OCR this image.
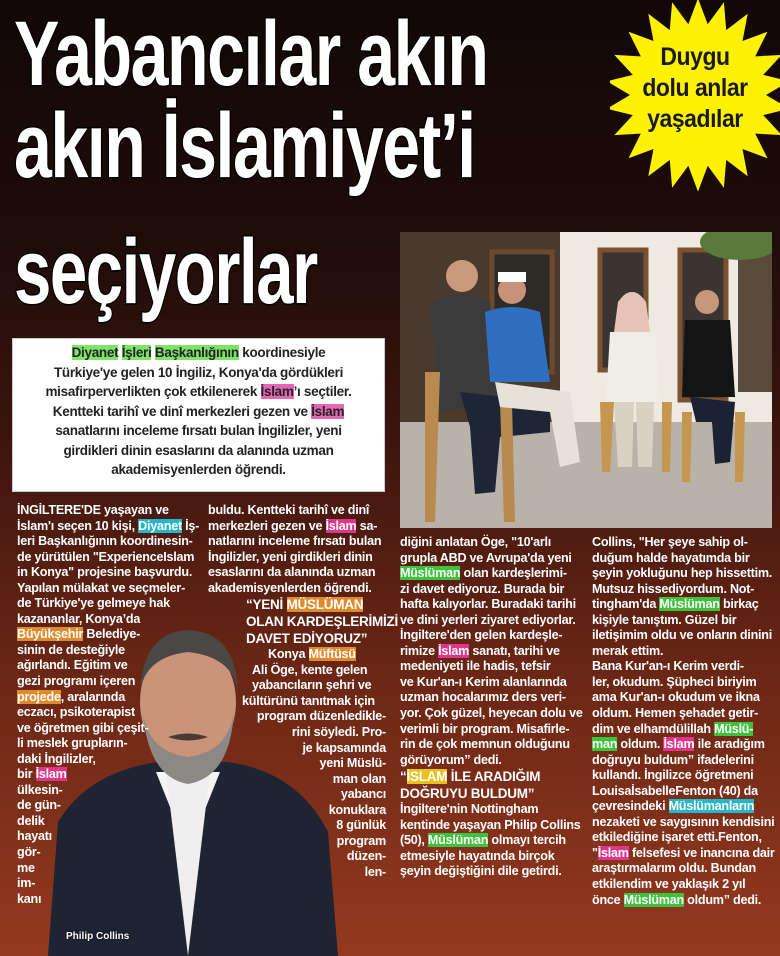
Yabancılar akın
akın İslamiyet’i
seçiyorlar
Duygu
dolu anlar
yaşadılar
Diyanet İşleri Başkanlığının koordinesiyle
Türkiye'ye gelen 10 İngiliz, Konya'da gördükleri
misafirperverlikten çok etkilenerek İslam’ı seçtiler.
Kentteki tarihî ve dinî merkezleri gezen ve İslam
sanatlarını inceleme fırsatı bulan İngilizler, yeni
girdikleri dinin esaslarını da alanında uzman
akademisyenlerden öğrendi.
Philip Collins
İNGİLTERE'DE yaşayan ve
İslam'ı seçen 10 kişi, Diyanet İş-
leri Başkanlığının koordinesin-
de yürütülen "ExperienceIslam
in Konya" projesine başvurdu.
Yapılan mülakat ve seçmeler-
de Türkiye'ye gelmeye hak
kazananlar, Konya’da
Büyükşehir Belediye-
sinin de desteğiyle
ağırlandı. Eğitim ve
gezi programı içeren
projede, aralarında
eczacı, psikoterapist
ve öğretmen gibi çeşit-
li meslek grupların-
daki İngilizler,
bir İslam
ülkesin-
de gün-
delik
hayatı
gör-
me
im-
kanı
buldu. Kentteki tarihî ve dinî
merkezleri gezen ve İslam sa-
natlarını inceleme fırsatı bulan
İngilizler, yeni girdikleri dinin
esaslarını da alanında uzman
akademisyenlerden öğrendi.
“YENİ MÜSLÜMAN
OLAN KARDEŞLERİMİZİ
DAVET EDİYORUZ”
Konya Müftüsü
Ali Öge, kente gelen
yabancıların şehri ve
kültürünü tanıtmak için
program düzenledikle-
rini söyledi. Pro-
je kapsamında
yeni Müslü-
man olan
yabancı
konuklara
8 günlük
program
düzen-
len-
diğini anlatan Öge, "10'arlı
grupla ABD ve Avrupa'da yeni
Müslüman olan kardeşlerimi-
zi davet ediyoruz. Burada bir
hafta kalıyorlar. Buradaki tarihi
ve dini yerleri ziyaret ediyorlar.
İngiltere'den gelen kardeşle-
rimize İslam sanatı, tarihi ve
medeniyeti ile hadis, tefsir
ve Kur'an-ı Kerim alanlarında
uzman hocalarımız ders veri-
yor. Çok güzel, heyecan dolu ve
verimli bir program. Misafirle-
rin de çok memnun olduğunu
görüyorum” dedi.
“İSLAM İLE ARADIĞIM
DOĞRUYU BULDUM”
İngiltere'nin Nottingham
kentinde yaşayan Philip Collins
(50), Müslüman olmayı tercih
etmesiyle hayatında birçok
şeyin değiştiğini dile getirdi.
Collins, "Her şeye sahip ol-
duğum halde hayatımda bir
şeyin yokluğunu hep hissettim.
Mutsuz hissediyordum. Not-
tingham'da Müslüman birkaç
kişiyle tanıştım. Güzel bir
iletişimim oldu ve onların dinini
merak ettim.
Bana Kur'an-ı Kerim verdi-
ler, okudum. Şüpheci biriyim
ama Kur'an-ı okudum ve ikna
oldum. Hemen şehadet getir-
dim ve elhamdülillah Müslü-
man oldum. İslam ile aradığım
doğruyu buldum” ifadelerini
kullandı. İngilizce öğretmeni
LouisaİsabelleFenton (40) da
çevresindeki Müslümanların
nezaketi ve saygısının kendisini
etkilediğine işaret etti.Fenton,
"İslam felsefesi ve inancına dair
araştırmalarım oldu. Bundan
etkilendim ve yaklaşık 2 yıl
önce Müslüman oldum” dedi.
